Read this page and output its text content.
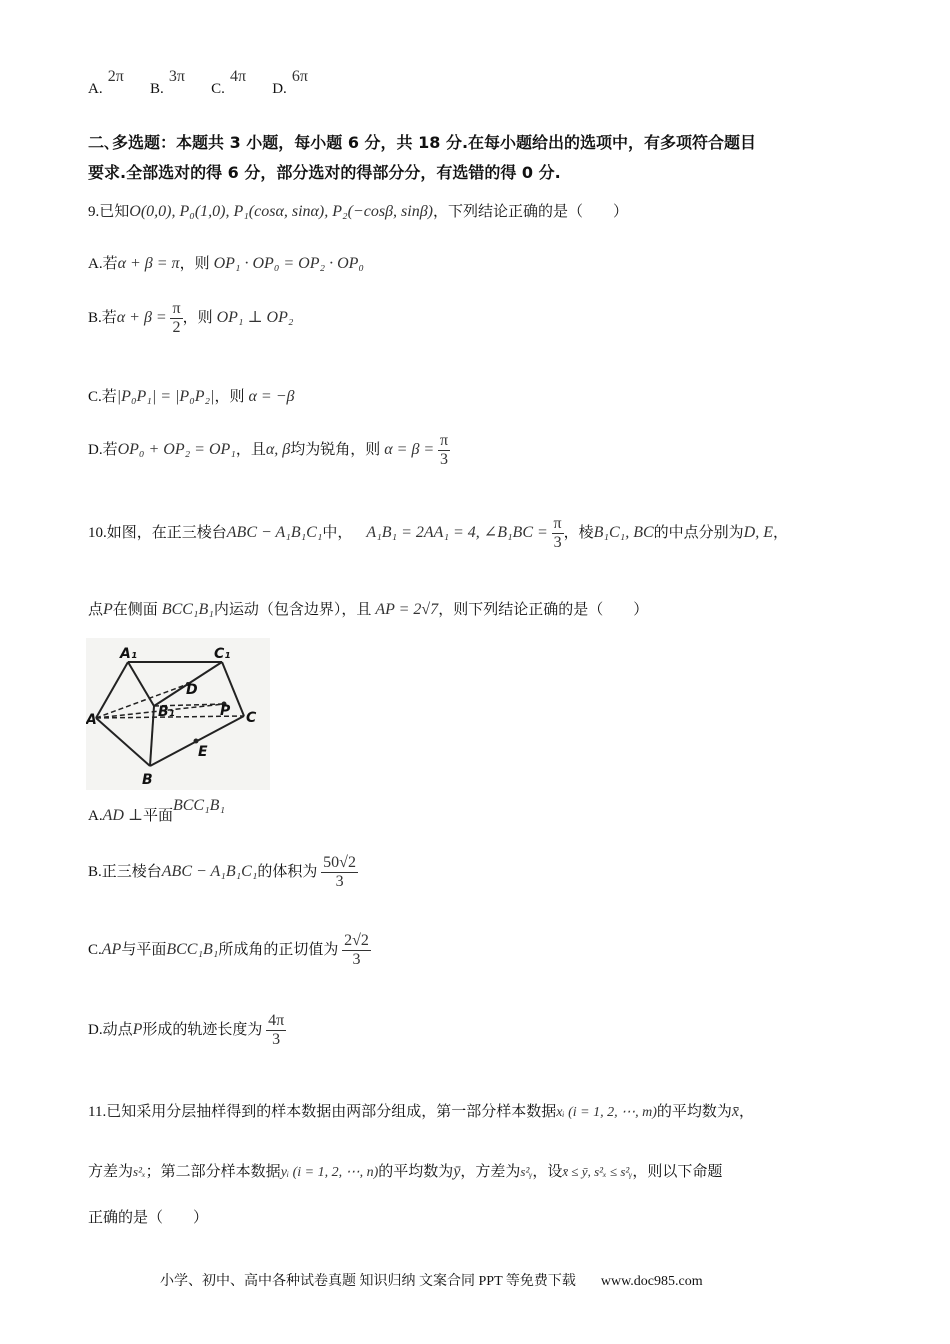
A. 2π  B. 3π  C. 4π  D. 6π
二､多选题：本题共 3 小题，每小题 6 分，共 18 分.在每小题给出的选项中，有多项符合题目
要求.全部选对的得 6 分，部分选对的得部分分，有选错的得 0 分.
9.已知O(0,0), P₀(1,0), P₁(cosα, sinα), P₂(−cosβ, sinβ)，下列结论正确的是（　　）
A.若α + β = π，则 OP₁ · OP₀ = OP₂ · OP₀
B.若$\alpha + \beta = \frac{\pi}{2}$ ，则 OP₁ ⊥ OP₂
C.若|P₀P₁| = |P₀P₂|，则 α = −β
D.若OP₀ + OP₂ = OP₁，且α, β均为锐角，则 $\alpha = \beta = \frac{\pi}{3}$
10.如图，在正三棱台ABC − A₁B₁C₁中， A₁B₁ = 2AA₁ = 4, ∠B₁BC = $\frac{\pi}{3}$ ，棱B₁C₁, BC的中点分别为D, E，
点P在侧面 BCC₁B₁内运动（包含边界），且 AP = 2√7，则下列结论正确的是（　　）
A₁	C₁
D
B₁	P
A	C
E
B
A.AD ⊥平面BCC₁B₁
B.正三棱台ABC − A₁B₁C₁的体积为 $\frac{50√2}{3}$
C.AP与平面BCC₁B₁所成角的正切值为 $\frac{2√2}{3}$
D.动点P形成的轨迹长度为 $\frac{4\pi}{3}$
11.已知采用分层抽样得到的样本数据由两部分组成，第一部分样本数据xᵢ (i = 1, 2, ⋯, m)的平均数为x̄，
方差为s²ₓ；第二部分样本数据yᵢ (i = 1, 2, ⋯, n)的平均数为ȳ，方差为s²ᵧ，设x̄ ≤ ȳ, s²ₓ ≤ s²ᵧ，则以下命题
正确的是（　　）
小学、初中、高中各种试卷真题 知识归纳 文案合同 PPT 等免费下载 www.doc985.com
